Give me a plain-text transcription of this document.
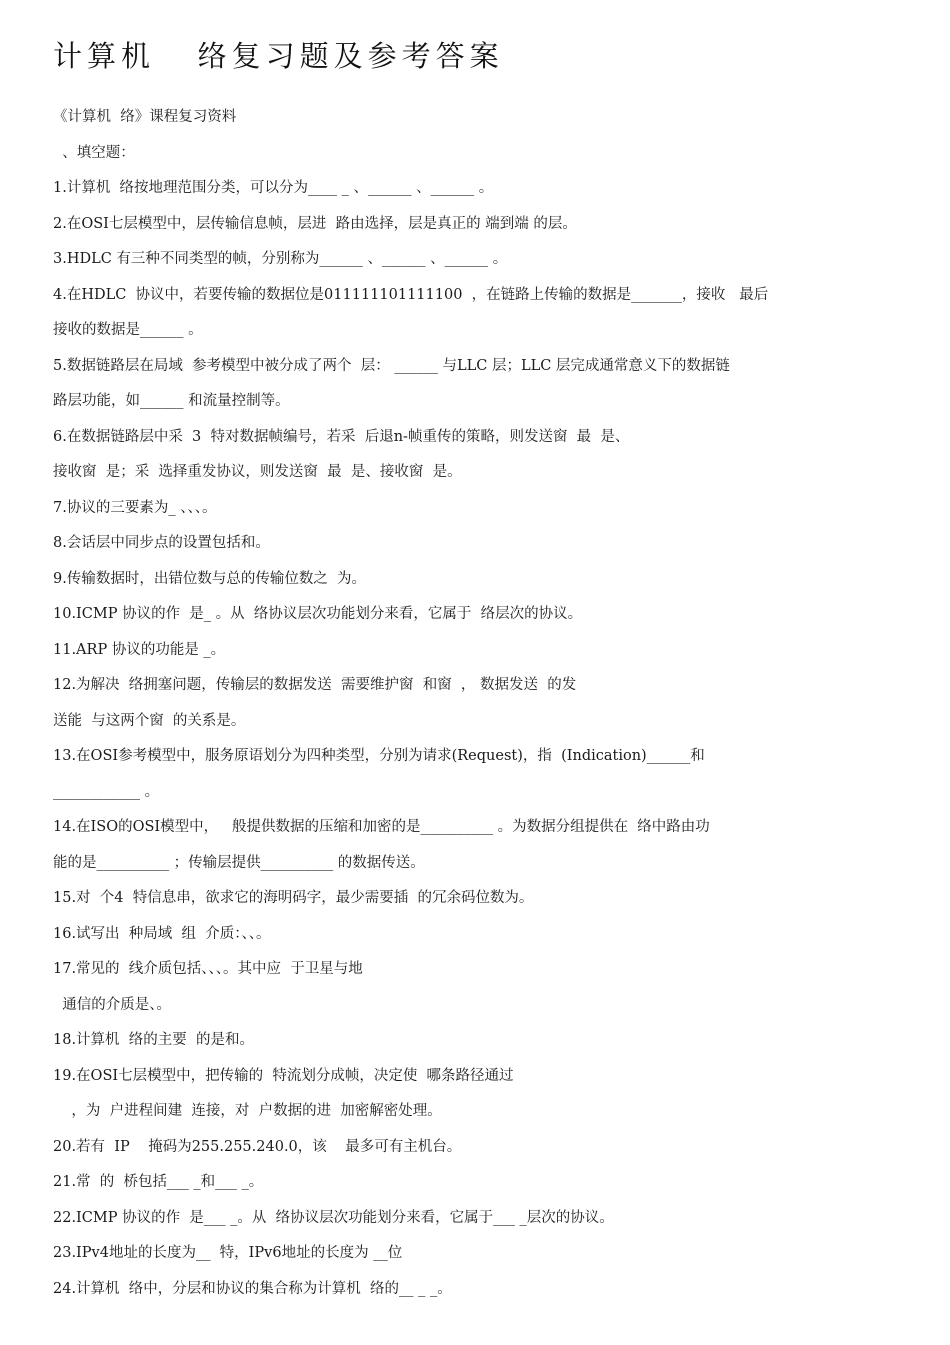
计算机   络复习题及参考答案
《计算机  络》课程复习资料
、填空题：
1.计算机  络按地理范围分类，可以分为____ _ 、______ 、______ 。
2.在OSI七层模型中，层传输信息帧，层进  路由选择，层是真正的 端到端 的层。
3.HDLC 有三种不同类型的帧，分别称为______ 、______ 、______ 。
4.在HDLC  协议中，若要传输的数据位是011111101111100  ，在链路上传输的数据是_______，接收   最后
接收的数据是______ 。
5.数据链路层在局域  参考模型中被分成了两个  层： ______ 与LLC 层；LLC 层完成通常意义下的数据链
路层功能，如______ 和流量控制等。
6.在数据链路层中采  3  特对数据帧编号，若采  后退n-帧重传的策略，则发送窗  最  是、
接收窗  是；采  选择重发协议，则发送窗  最  是、接收窗  是。
7.协议的三要素为_ 、、、。
8.会话层中同步点的设置包括和。
9.传输数据时，出错位数与总的传输位数之  为。
10.ICMP 协议的作  是_ 。从  络协议层次功能划分来看，它属于  络层次的协议。
11.ARP 协议的功能是 _。
12.为解决  络拥塞问题，传输层的数据发送  需要维护窗  和窗  ， 数据发送  的发
送能  与这两个窗  的关系是。
13.在OSI参考模型中，服务原语划分为四种类型，分别为请求(Request)，指  (Indication)______和
____________ 。
14.在ISO的OSI模型中，   般提供数据的压缩和加密的是__________ 。为数据分组提供在  络中路由功
能的是__________ ；传输层提供__________ 的数据传送。
15.对  个4  特信息串，欲求它的海明码字，最少需要插  的冗余码位数为。
16.试写出  种局域  组  介质：、、。
17.常见的  线介质包括、、、。其中应  于卫星与地
通信的介质是、。
18.计算机  络的主要  的是和。
19.在OSI七层模型中，把传输的  特流划分成帧，决定使  哪条路径通过
，为  户进程间建  连接，对  户数据的进  加密解密处理。
20.若有  IP    掩码为255.255.240.0，该    最多可有主机台。
21.常  的  桥包括___ _和___ _。
22.ICMP 协议的作  是___ _。从  络协议层次功能划分来看，它属于___ _层次的协议。
23.IPv4地址的长度为__  特，IPv6地址的长度为 __位
24.计算机  络中，分层和协议的集合称为计算机  络的__ _ _。
